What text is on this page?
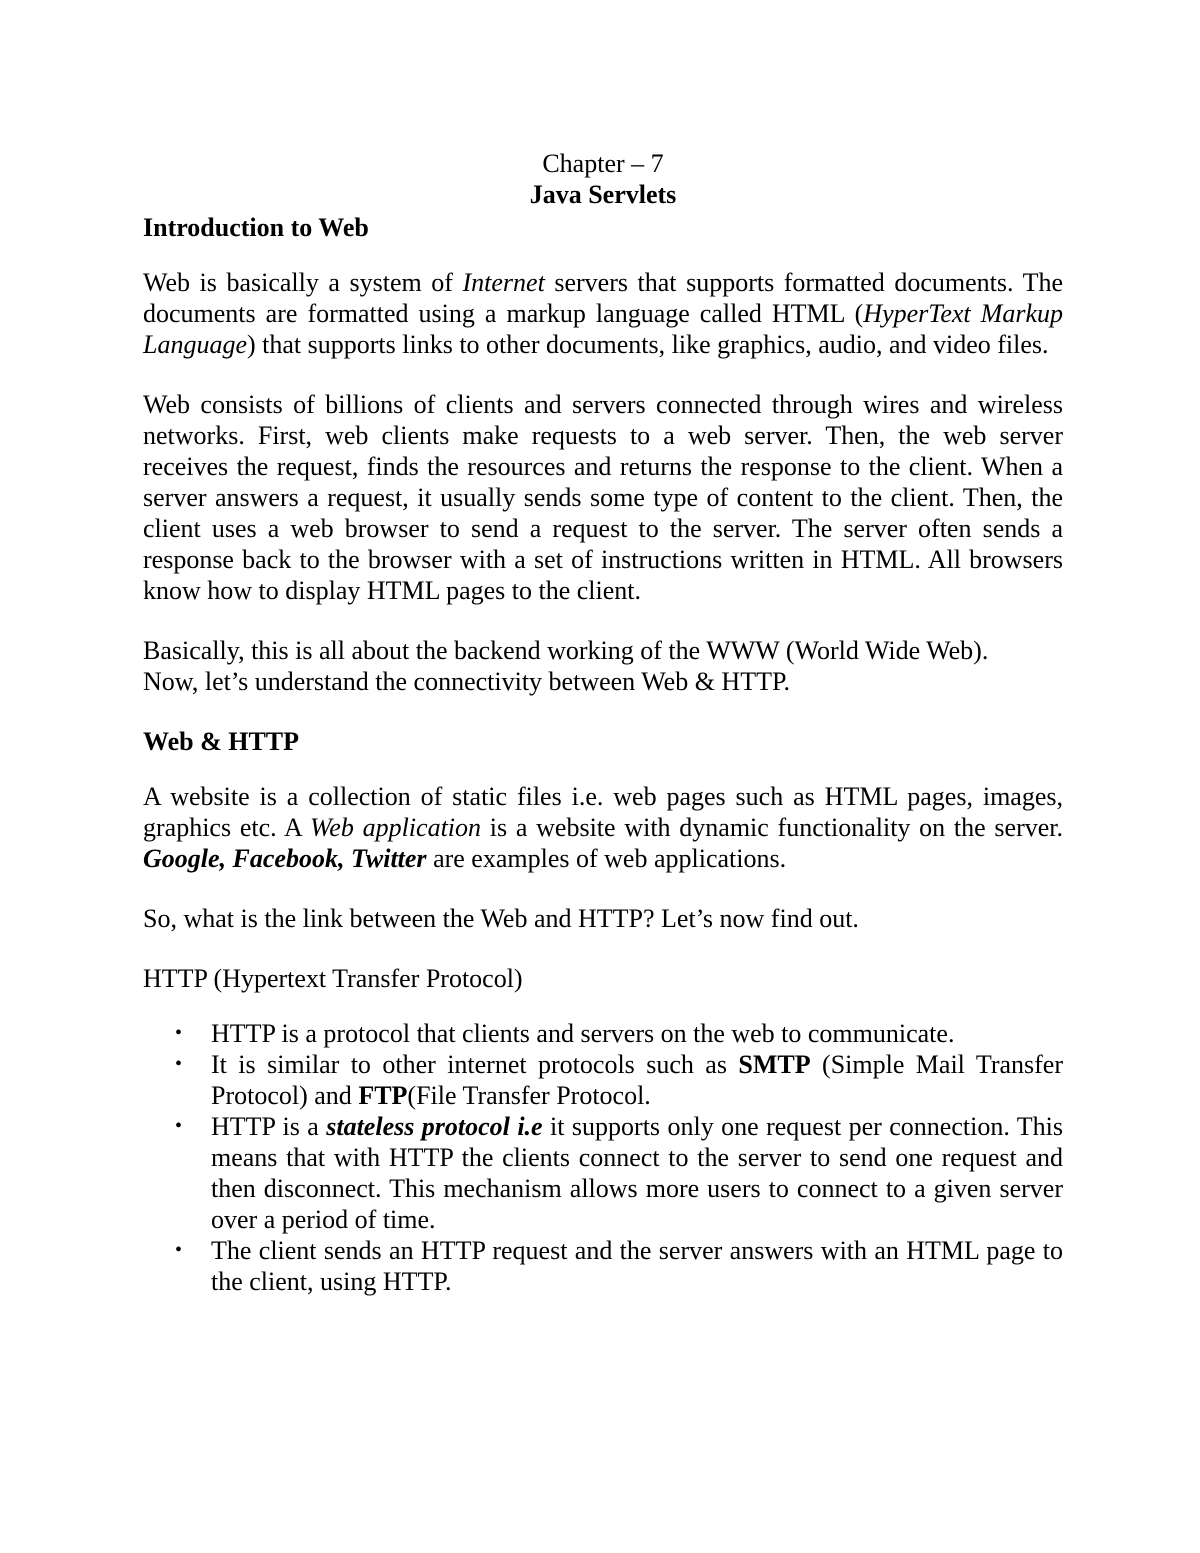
Chapter – 7
Java Servlets
Introduction to Web

Web is basically a system of Internet servers that supports formatted documents. The documents are formatted using a markup language called HTML (HyperText Markup Language) that supports links to other documents, like graphics, audio, and video files.

Web consists of billions of clients and servers connected through wires and wireless networks. First, web clients make requests to a web server. Then, the web server receives the request, finds the resources and returns the response to the client. When a server answers a request, it usually sends some type of content to the client. Then, the client uses a web browser to send a request to the server. The server often sends a response back to the browser with a set of instructions written in HTML. All browsers know how to display HTML pages to the client.

Basically, this is all about the backend working of the WWW (World Wide Web).
Now, let’s understand the connectivity between Web & HTTP.

Web & HTTP

A website is a collection of static files i.e. web pages such as HTML pages, images, graphics etc. A Web application is a website with dynamic functionality on the server. Google, Facebook, Twitter are examples of web applications.

So, what is the link between the Web and HTTP? Let’s now find out.

HTTP (Hypertext Transfer Protocol)
• HTTP is a protocol that clients and servers on the web to communicate.
• It is similar to other internet protocols such as SMTP (Simple Mail Transfer Protocol) and FTP(File Transfer Protocol.
• HTTP is a stateless protocol i.e it supports only one request per connection. This means that with HTTP the clients connect to the server to send one request and then disconnect. This mechanism allows more users to connect to a given server over a period of time.
• The client sends an HTTP request and the server answers with an HTML page to the client, using HTTP.
